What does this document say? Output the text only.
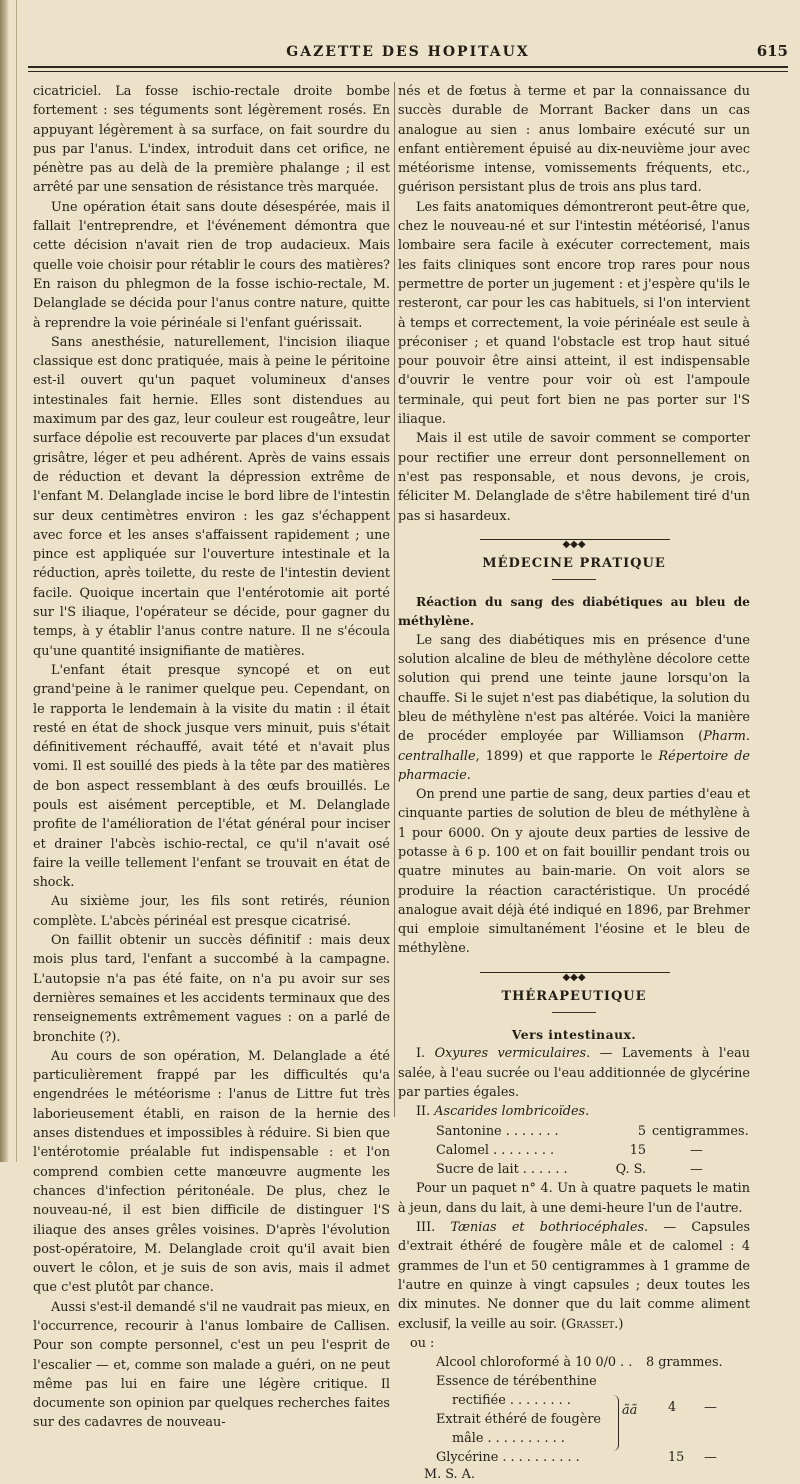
GAZETTE DES HOPITAUX	615

cicatriciel. La fosse ischio-rectale droite bombe fortement : ses téguments sont légèrement rosés. En appuyant légèrement à sa surface, on fait sourdre du pus par l'anus. L'index, introduit dans cet orifice, ne pénètre pas au delà de la première phalange ; il est arrêté par une sensation de résistance très marquée.

Une opération était sans doute désespérée, mais il fallait l'entreprendre, et l'événement démontra que cette décision n'avait rien de trop audacieux. Mais quelle voie choisir pour rétablir le cours des matières? En raison du phlegmon de la fosse ischio-rectale, M. Delanglade se décida pour l'anus contre nature, quitte à reprendre la voie périnéale si l'enfant guérissait.

Sans anesthésie, naturellement, l'incision iliaque classique est donc pratiquée, mais à peine le péritoine est-il ouvert qu'un paquet volumineux d'anses intestinales fait hernie. Elles sont distendues au maximum par des gaz, leur couleur est rougeâtre, leur surface dépolie est recouverte par places d'un exsudat grisâtre, léger et peu adhérent. Après de vains essais de réduction et devant la dépression extrême de l'enfant M. Delanglade incise le bord libre de l'intestin sur deux centimètres environ : les gaz s'échappent avec force et les anses s'affaissent rapidement ; une pince est appliquée sur l'ouverture intestinale et la réduction, après toilette, du reste de l'intestin devient facile. Quoique incertain que l'entérotomie ait porté sur l'S iliaque, l'opérateur se décide, pour gagner du temps, à y établir l'anus contre nature. Il ne s'écoula qu'une quantité insignifiante de matières.

L'enfant était presque syncopé et on eut grand'peine à le ranimer quelque peu. Cependant, on le rapporta le lendemain à la visite du matin : il était resté en état de shock jusque vers minuit, puis s'était définitivement réchauffé, avait tété et n'avait plus vomi. Il est souillé des pieds à la tête par des matières de bon aspect ressemblant à des œufs brouillés. Le pouls est aisément perceptible, et M. Delanglade profite de l'amélioration de l'état général pour inciser et drainer l'abcès ischio-rectal, ce qu'il n'avait osé faire la veille tellement l'enfant se trouvait en état de shock.

Au sixième jour, les fils sont retirés, réunion complète. L'abcès périnéal est presque cicatrisé.

On faillit obtenir un succès définitif : mais deux mois plus tard, l'enfant a succombé à la campagne. L'autopsie n'a pas été faite, on n'a pu avoir sur ses dernières semaines et les accidents terminaux que des renseignements extrêmement vagues : on a parlé de bronchite (?).

Au cours de son opération, M. Delanglade a été particulièrement frappé par les difficultés qu'a engendrées le météorisme : l'anus de Littre fut très laborieusement établi, en raison de la hernie des anses distendues et impossibles à réduire. Si bien que l'entérotomie préalable fut indispensable : et l'on comprend combien cette manœuvre augmente les chances d'infection péritonéale. De plus, chez le nouveau-né, il est bien difficile de distinguer l'S iliaque des anses grêles voisines. D'après l'évolution post-opératoire, M. Delanglade croit qu'il avait bien ouvert le côlon, et je suis de son avis, mais il admet que c'est plutôt par chance.

Aussi s'est-il demandé s'il ne vaudrait pas mieux, en l'occurrence, recourir à l'anus lombaire de Callisen. Pour son compte personnel, c'est un peu l'esprit de l'escalier — et, comme son malade a guéri, on ne peut même pas lui en faire une légère critique. Il documente son opinion par quelques recherches faites sur des cadavres de nouveau-

nés et de fœtus à terme et par la connaissance du succès durable de Morrant Backer dans un cas analogue au sien : anus lombaire exécuté sur un enfant entièrement épuisé au dix-neuvième jour avec météorisme intense, vomissements fréquents, etc., guérison persistant plus de trois ans plus tard.

Les faits anatomiques démontreront peut-être que, chez le nouveau-né et sur l'intestin météorisé, l'anus lombaire sera facile à exécuter correctement, mais les faits cliniques sont encore trop rares pour nous permettre de porter un jugement : et j'espère qu'ils le resteront, car pour les cas habituels, si l'on intervient à temps et correctement, la voie périnéale est seule à préconiser ; et quand l'obstacle est trop haut situé pour pouvoir être ainsi atteint, il est indispensable d'ouvrir le ventre pour voir où est l'ampoule terminale, qui peut fort bien ne pas porter sur l'S iliaque.

Mais il est utile de savoir comment se comporter pour rectifier une erreur dont personnellement on n'est pas responsable, et nous devons, je crois, féliciter M. Delanglade de s'être habilement tiré d'un pas si hasardeux.

◆◆◆
MÉDECINE PRATIQUE

Réaction du sang des diabétiques au bleu de méthylène.

Le sang des diabétiques mis en présence d'une solution alcaline de bleu de méthylène décolore cette solution qui prend une teinte jaune lorsqu'on la chauffe. Si le sujet n'est pas diabétique, la solution du bleu de méthylène n'est pas altérée. Voici la manière de procéder employée par Williamson (Pharm. centralhalle, 1899) et que rapporte le Répertoire de pharmacie.

On prend une partie de sang, deux parties d'eau et cinquante parties de solution de bleu de méthylène à 1 pour 6000. On y ajoute deux parties de lessive de potasse à 6 p. 100 et on fait bouillir pendant trois ou quatre minutes au bain-marie. On voit alors se produire la réaction caractéristique. Un procédé analogue avait déjà été indiqué en 1896, par Brehmer qui emploie simultanément l'éosine et le bleu de méthylène.

◆◆◆
THÉRAPEUTIQUE
Vers intestinaux.

I. Oxyures vermiculaires. — Lavements à l'eau salée, à l'eau sucrée ou l'eau additionnée de glycérine par parties égales.

II. Ascarides lombricoïdes.

Santonine . . . . . . .	5 centigrammes.
Calomel . . . . . . . .	15	—
Sucre de lait . . . . . .	Q. S.	—

Pour un paquet n° 4. Un à quatre paquets le matin à jeun, dans du lait, à une demi-heure l'un de l'autre.

III. Tænias et bothriocéphales. — Capsules d'extrait éthéré de fougère mâle et de calomel : 4 grammes de l'un et 50 centigrammes à 1 gramme de l'autre en quinze à vingt capsules ; deux toutes les dix minutes. Ne donner que du lait comme aliment exclusif, la veille au soir. (Grasset.)

ou :

Alcool chloroformé à 10 0/0 . . 8 grammes.
Essence de térébenthine
rectifiée . . . . . . . .
ãã 4 —
Extrait éthéré de fougère
mâle . . . . . . . . . .
Glycérine . . . . . . . . . .	15 —

M. S. A.
